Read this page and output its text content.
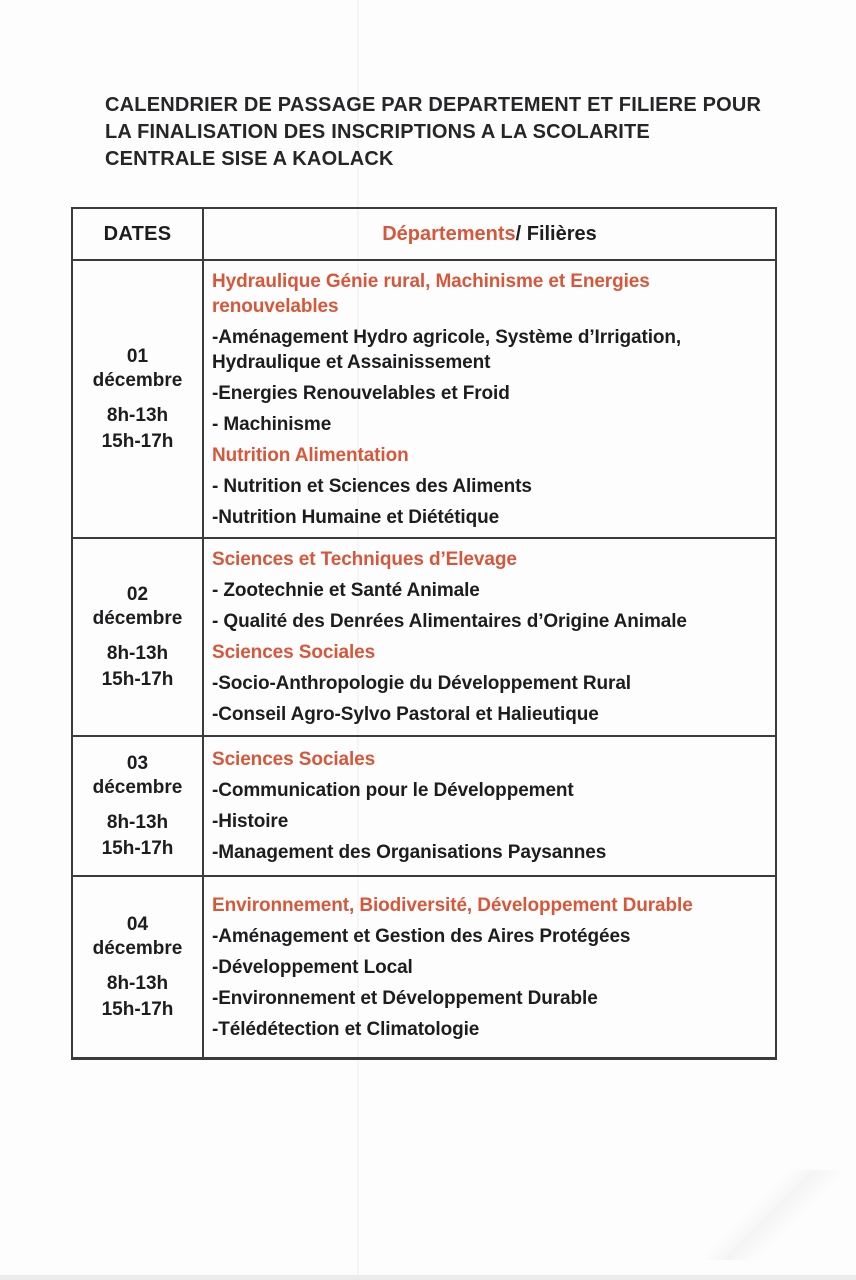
CALENDRIER DE PASSAGE PAR DEPARTEMENT ET FILIERE POUR
LA FINALISATION DES INSCRIPTIONS A LA SCOLARITE
CENTRALE SISE A KAOLACK
DATES	Départements / Filières
01
décembre
8h-13h
15h-17h
Hydraulique Génie rural, Machinisme et Energies renouvelables
-Aménagement Hydro agricole, Système d’Irrigation, Hydraulique et Assainissement
-Energies Renouvelables et Froid
- Machinisme
Nutrition Alimentation
- Nutrition et Sciences des Aliments
-Nutrition Humaine et Diététique
02
décembre
8h-13h
15h-17h
Sciences et Techniques d’Elevage
- Zootechnie et Santé Animale
- Qualité des Denrées Alimentaires d’Origine Animale
Sciences Sociales
-Socio-Anthropologie du Développement Rural
-Conseil Agro-Sylvo Pastoral et Halieutique
03
décembre
8h-13h
15h-17h
Sciences Sociales
-Communication pour le Développement
-Histoire
-Management des Organisations Paysannes
04
décembre
8h-13h
15h-17h
Environnement, Biodiversité, Développement Durable
-Aménagement et Gestion des Aires Protégées
-Développement Local
-Environnement et Développement Durable
-Télédétection et Climatologie
